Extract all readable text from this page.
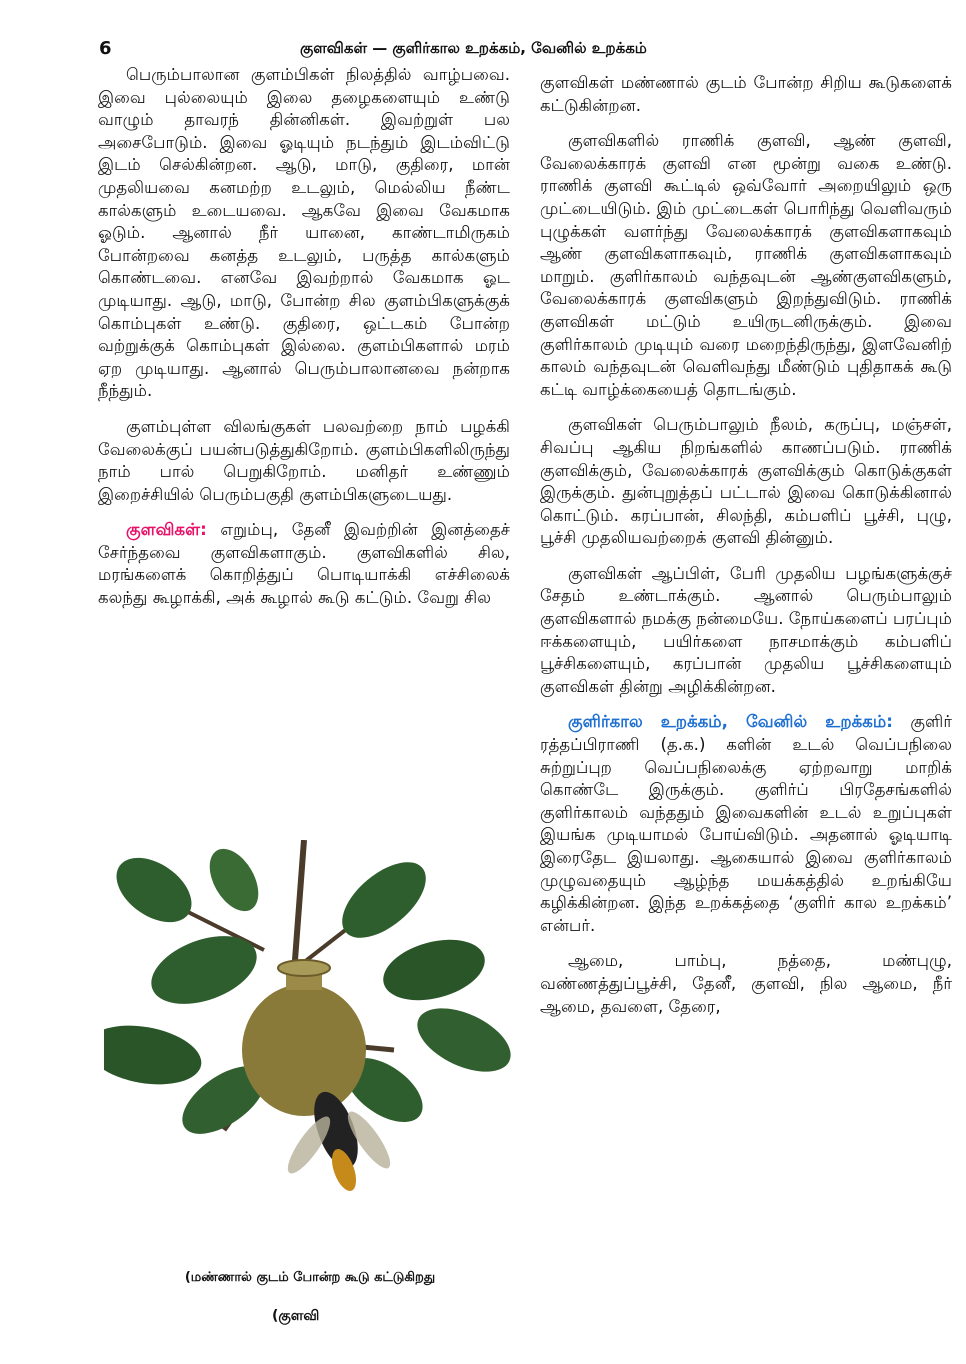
6	குளவிகள் — குளிர்கால உறக்கம், வேனில் உறக்கம்

பெரும்பாலான குளம்பிகள் நிலத்தில் வாழ்பவை. இவை புல்லையும் இலை தழைகளையும் உண்டு வாழும் தாவரந் தின்னிகள். இவற்றுள் பல அசைபோடும். இவை ஓடியும் நடந்தும் இடம்விட்டு இடம் செல்கின்றன. ஆடு, மாடு, குதிரை, மான் முதலியவை கனமற்ற உடலும், மெல்லிய நீண்ட கால்களும் உடையவை. ஆகவே இவை வேகமாக ஓடும். ஆனால் நீர் யானை, காண்டாமிருகம் போன்றவை கனத்த உடலும், பருத்த கால்களும் கொண்டவை. எனவே இவற்றால் வேகமாக ஓட முடியாது. ஆடு, மாடு, போன்ற சில குளம்பிகளுக்குக் கொம்புகள் உண்டு. குதிரை, ஒட்டகம் போன்ற வற்றுக்குக் கொம்புகள் இல்லை. குளம்பிகளால் மரம் ஏற முடியாது. ஆனால் பெரும்பாலானவை நன்றாக நீந்தும்.

குளம்புள்ள விலங்குகள் பலவற்றை நாம் பழக்கி வேலைக்குப் பயன்படுத்துகிறோம். குளம்பிகளிலிருந்து நாம் பால் பெறுகிறோம். மனிதர் உண்ணும் இறைச்சியில் பெரும்பகுதி குளம்பிகளுடையது.

குளவிகள்: எறும்பு, தேனீ இவற்றின் இனத்தைச் சேர்ந்தவை குளவிகளாகும். குளவிகளில் சில, மரங்களைக் கொறித்துப் பொடியாக்கி எச்சிலைக் கலந்து கூழாக்கி, அக் கூழால் கூடு கட்டும். வேறு சில

(மண்ணால் குடம் போன்ற கூடு கட்டுகிறது
(குளவி

குளவிகள் மண்ணால் குடம் போன்ற சிறிய கூடுகளைக் கட்டுகின்றன.

குளவிகளில் ராணிக் குளவி, ஆண் குளவி, வேலைக்காரக் குளவி என மூன்று வகை உண்டு. ராணிக் குளவி கூட்டில் ஒவ்வோர் அறையிலும் ஒரு முட்டையிடும். இம் முட்டைகள் பொரிந்து வெளிவரும் புழுக்கள் வளர்ந்து வேலைக்காரக் குளவிகளாகவும் ஆண் குளவிகளாகவும், ராணிக் குளவிகளாகவும் மாறும். குளிர்காலம் வந்தவுடன் ஆண்குளவிகளும், வேலைக்காரக் குளவிகளும் இறந்துவிடும். ராணிக் குளவிகள் மட்டும் உயிருடனிருக்கும். இவை குளிர்காலம் முடியும் வரை மறைந்திருந்து, இளவேனிற் காலம் வந்தவுடன் வெளிவந்து மீண்டும் புதிதாகக் கூடு கட்டி வாழ்க்கையைத் தொடங்கும்.

குளவிகள் பெரும்பாலும் நீலம், கருப்பு, மஞ்சள், சிவப்பு ஆகிய நிறங்களில் காணப்படும். ராணிக் குளவிக்கும், வேலைக்காரக் குளவிக்கும் கொடுக்குகள் இருக்கும். துன்புறுத்தப் பட்டால் இவை கொடுக்கினால் கொட்டும். கரப்பான், சிலந்தி, கம்பளிப் பூச்சி, புழு, பூச்சி முதலியவற்றைக் குளவி தின்னும்.

குளவிகள் ஆப்பிள், பேரி முதலிய பழங்களுக்குச் சேதம் உண்டாக்கும். ஆனால் பெரும்பாலும் குளவிகளால் நமக்கு நன்மையே. நோய்களைப் பரப்பும் ஈக்களையும், பயிர்களை நாசமாக்கும் கம்பளிப் பூச்சிகளையும், கரப்பான் முதலிய பூச்சிகளையும் குளவிகள் தின்று அழிக்கின்றன.

குளிர்கால உறக்கம், வேனில் உறக்கம்: குளிர் ரத்தப்பிராணி (த.க.) களின் உடல் வெப்பநிலை சுற்றுப்புற வெப்பநிலைக்கு ஏற்றவாறு மாறிக் கொண்டே இருக்கும். குளிர்ப் பிரதேசங்களில் குளிர்காலம் வந்ததும் இவைகளின் உடல் உறுப்புகள் இயங்க முடியாமல் போய்விடும். அதனால் ஓடியாடி இரைதேட இயலாது. ஆகையால் இவை குளிர்காலம் முழுவதையும் ஆழ்ந்த மயக்கத்தில் உறங்கியே கழிக்கின்றன. இந்த உறக்கத்தை ‘குளிர் கால உறக்கம்’ என்பர்.

ஆமை, பாம்பு, நத்தை, மண்புழு, வண்ணத்துப்பூச்சி, தேனீ, குளவி, நில ஆமை, நீர் ஆமை, தவளை, தேரை,
